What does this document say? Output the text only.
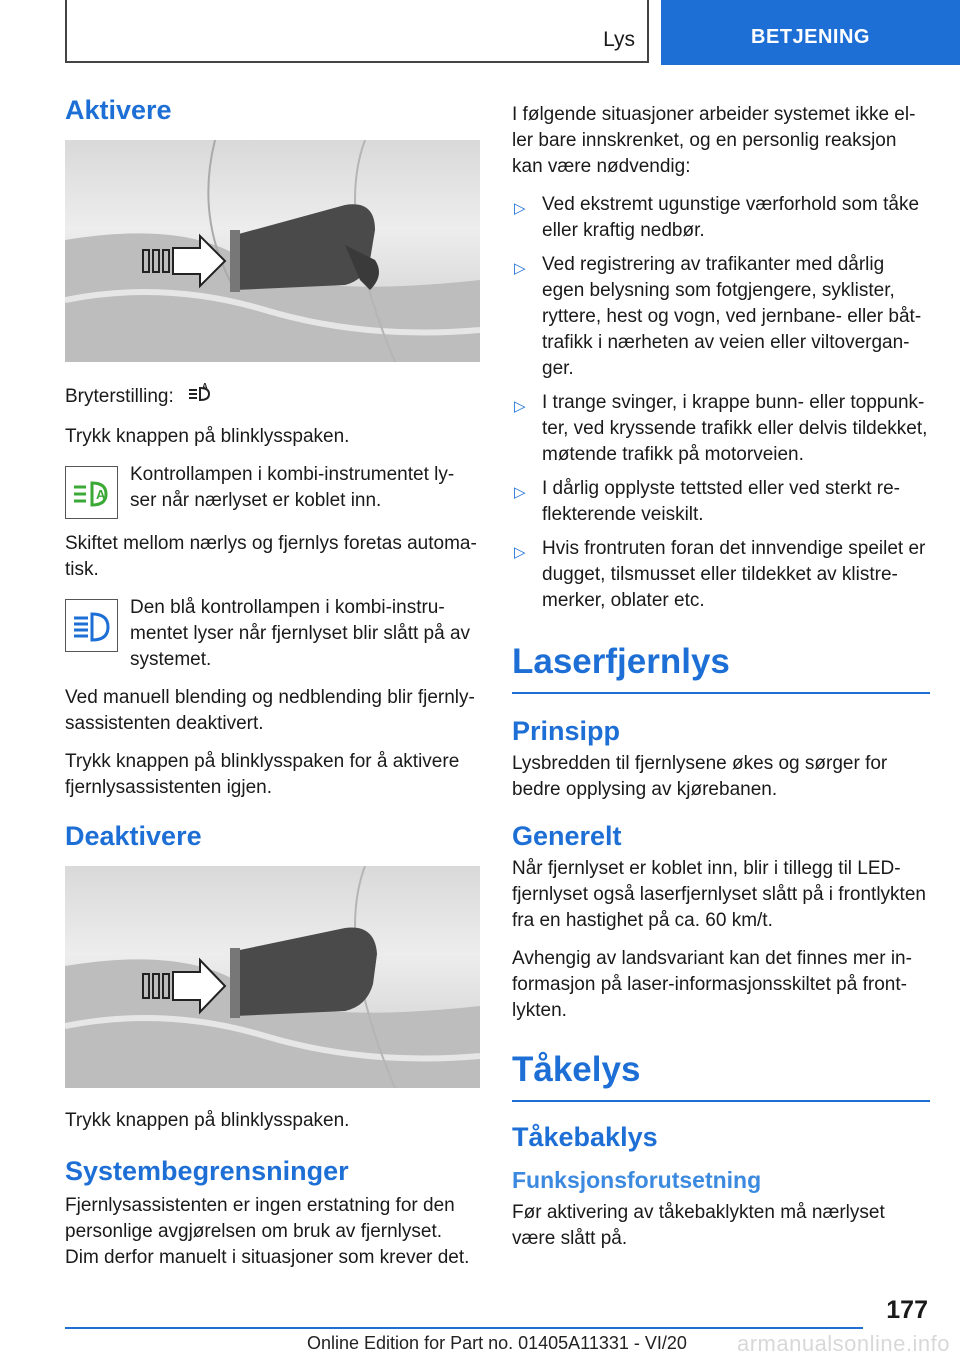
Lys	BETJENING
Aktivere

Bryterstilling:	A

Trykk knappen på blinklysspaken.

A

Kontrollampen i kombi-instrumentet ly-ser når nærlyset er koblet inn.

Skiftet mellom nærlys og fjernlys foretas automa-tisk.

Den blå kontrollampen i kombi-instru-mentet lyser når fjernlyset blir slått på av systemet.

Ved manuell blending og nedblending blir fjernly-sassistenten deaktivert.

Trykk knappen på blinklysspaken for å aktivere fjernlysassistenten igjen.

Deaktivere

Trykk knappen på blinklysspaken.

Systembegrensninger

Fjernlysassistenten er ingen erstatning for den personlige avgjørelsen om bruk av fjernlyset. Dim derfor manuelt i situasjoner som krever det.

I følgende situasjoner arbeider systemet ikke el-ler bare innskrenket, og en personlig reaksjon kan være nødvendig:

▷ Ved ekstremt ugunstige værforhold som tåke eller kraftig nedbør.
▷ Ved registrering av trafikanter med dårlig egen belysning som fotgjengere, syklister, ryttere, hest og vogn, ved jernbane- eller båt-trafikk i nærheten av veien eller viltovergan-ger.
▷ I trange svinger, i krappe bunn- eller toppunk-ter, ved kryssende trafikk eller delvis tildekket, møtende trafikk på motorveien.
▷ I dårlig opplyste tettsted eller ved sterkt re-flekterende veiskilt.
▷ Hvis frontruten foran det innvendige speilet er dugget, tilsmusset eller tildekket av klistre-merker, oblater etc.
Laserfjernlys
Prinsipp

Lysbredden til fjernlysene økes og sørger for bedre opplysing av kjørebanen.

Generelt

Når fjernlyset er koblet inn, blir i tillegg til LED-fjernlyset også laserfjernlyset slått på i frontlykten fra en hastighet på ca. 60 km/t.

Avhengig av landsvariant kan det finnes mer in-formasjon på laser-informasjonsskiltet på front-lykten.

Tåkelys
Tåkebaklys
Funksjonsforutsetning

Før aktivering av tåkebaklykten må nærlyset være slått på.

177
Online Edition for Part no. 01405A11331 - VI/20 armanualsonline.info
